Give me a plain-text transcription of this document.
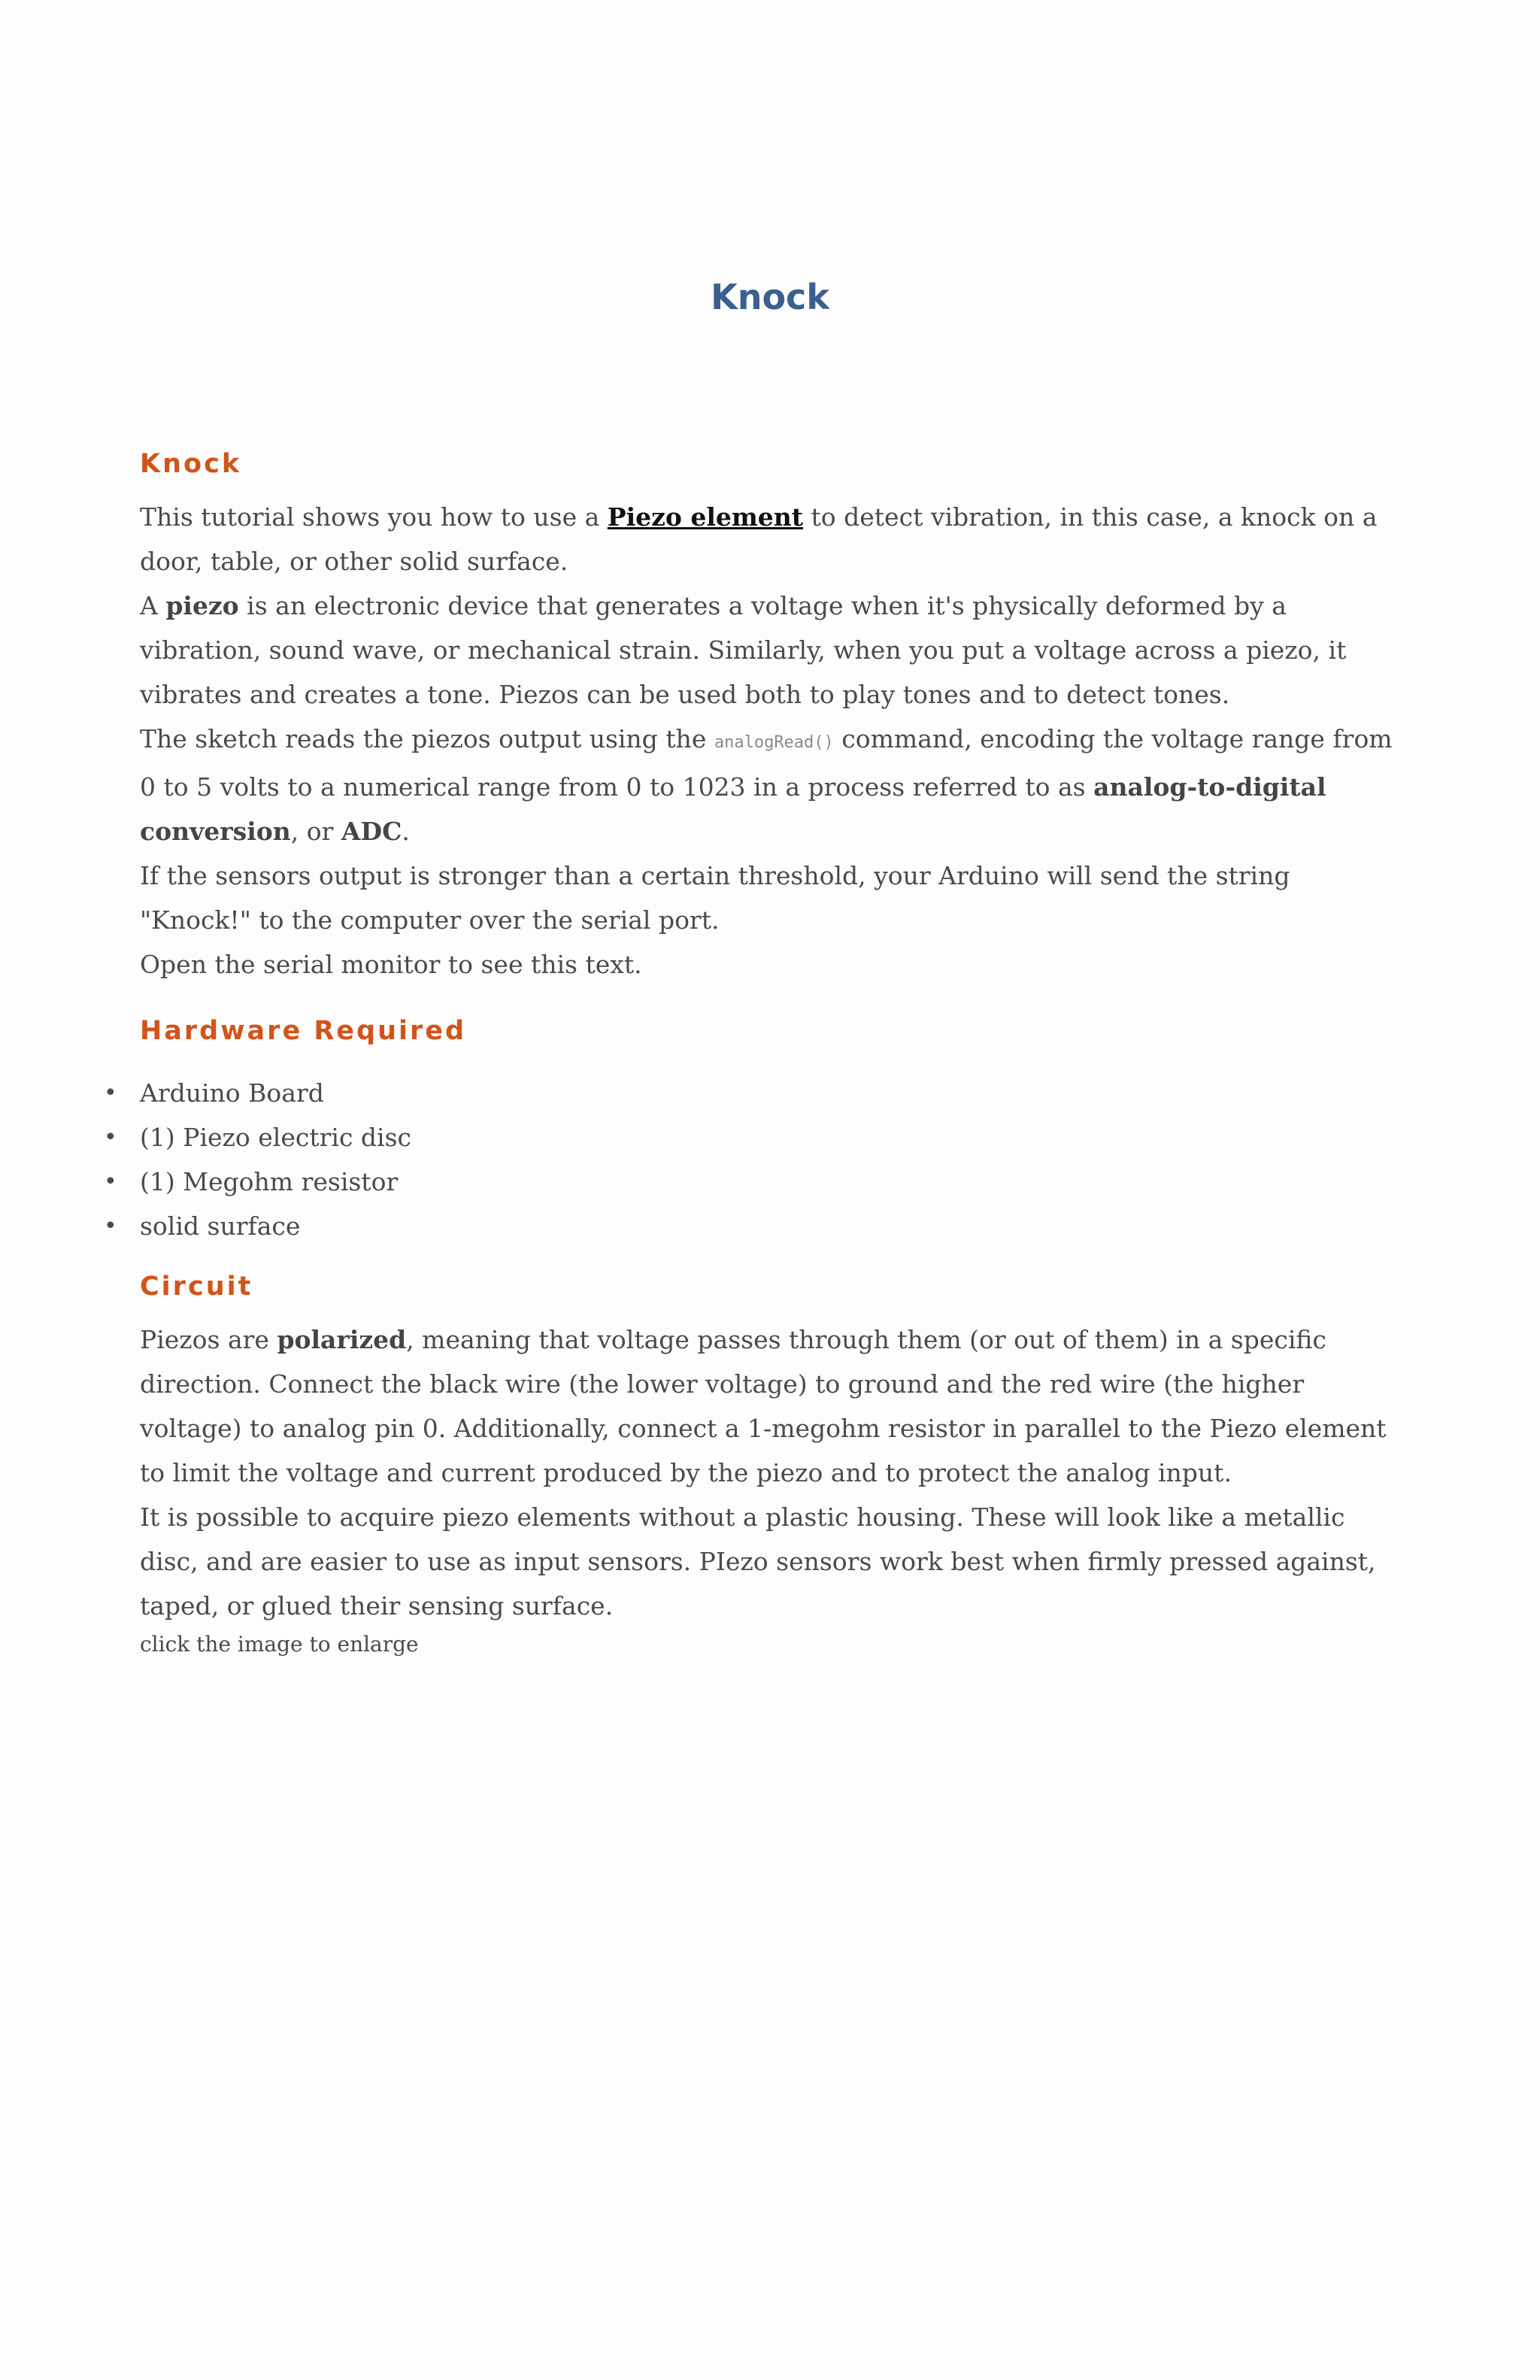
Knock
Knock

This tutorial shows you how to use a Piezo element to detect vibration, in this case, a knock on a door, table, or other solid surface.

A piezo is an electronic device that generates a voltage when it's physically deformed by a vibration, sound wave, or mechanical strain. Similarly, when you put a voltage across a piezo, it vibrates and creates a tone. Piezos can be used both to play tones and to detect tones.

The sketch reads the piezos output using the analogRead() command, encoding the voltage range from 0 to 5 volts to a numerical range from 0 to 1023 in a process referred to as analog-to-digital conversion, or ADC.

If the sensors output is stronger than a certain threshold, your Arduino will send the string "Knock!" to the computer over the serial port.

Open the serial monitor to see this text.

Hardware Required
• Arduino Board
• (1) Piezo electric disc
• (1) Megohm resistor
• solid surface
Circuit

Piezos are polarized, meaning that voltage passes through them (or out of them) in a specific direction. Connect the black wire (the lower voltage) to ground and the red wire (the higher voltage) to analog pin 0. Additionally, connect a 1-megohm resistor in parallel to the Piezo element to limit the voltage and current produced by the piezo and to protect the analog input.

It is possible to acquire piezo elements without a plastic housing. These will look like a metallic disc, and are easier to use as input sensors. PIezo sensors work best when firmly pressed against, taped, or glued their sensing surface.

click the image to enlarge
